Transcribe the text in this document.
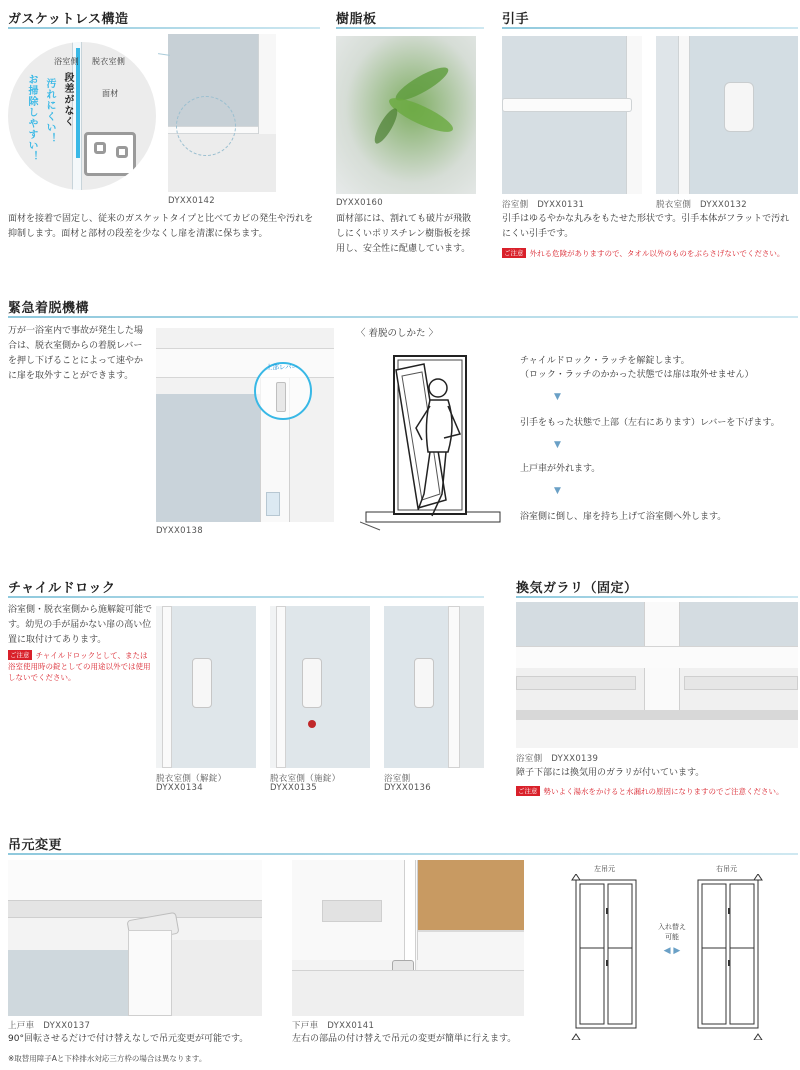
ガスケットレス構造
浴室側 脱衣室側
面材
段差がなく
汚れにくい！
お掃除しやすい！
DYXX0142
面材を接着で固定し、従来のガスケットタイプと比べてカビの発生や汚れを抑制します。面材と部材の段差を少なくし扉を清潔に保ちます。
樹脂板
DYXX0160
面材部には、割れても破片が飛散しにくいポリスチレン樹脂板を採用し、安全性に配慮しています。
引手
浴室側　DYXX0131	脱衣室側　DYXX0132
引手はゆるやかな丸みをもたせた形状です。引手本体がフラットで汚れにくい引手です。
ご注意 外れる危険がありますので、タオル以外のものをぶらさげないでください。
緊急着脱機構
万が一浴室内で事故が発生した場合は、脱衣室側からの着脱レバーを押し下げることによって速やかに扉を取外すことができます。
上部レバー
DYXX0138
〈 着脱のしかた 〉
チャイルドロック・ラッチを解錠します。
（ロック・ラッチのかかった状態では扉は取外せません）
▼
引手をもった状態で上部（左右にあります）レバーを下げます。
▼
上戸車が外れます。
▼
浴室側に倒し、扉を持ち上げて浴室側へ外します。
チャイルドロック
浴室側・脱衣室側から施解錠可能です。幼児の手が届かない扉の高い位置に取付けてあります。
ご注意 チャイルドロックとして、または浴室使用時の錠としての用途以外では使用しないでください。
脱衣室側（解錠）
DYXX0134
脱衣室側（施錠）
DYXX0135
浴室側
DYXX0136
換気ガラリ（固定）
浴室側　DYXX0139
障子下部には換気用のガラリが付いています。
ご注意 勢いよく湯水をかけると水漏れの原因になりますのでご注意ください。
吊元変更
上戸車　DYXX0137
90°回転させるだけで付け替えなしで吊元変更が可能です。
※取替用障子Aと下枠排水対応三方枠の場合は異なります。
下戸車　DYXX0141
左右の部品の付け替えで吊元の変更が簡単に行えます。
左吊元	右吊元
入れ替え
可能
◀ ▶
